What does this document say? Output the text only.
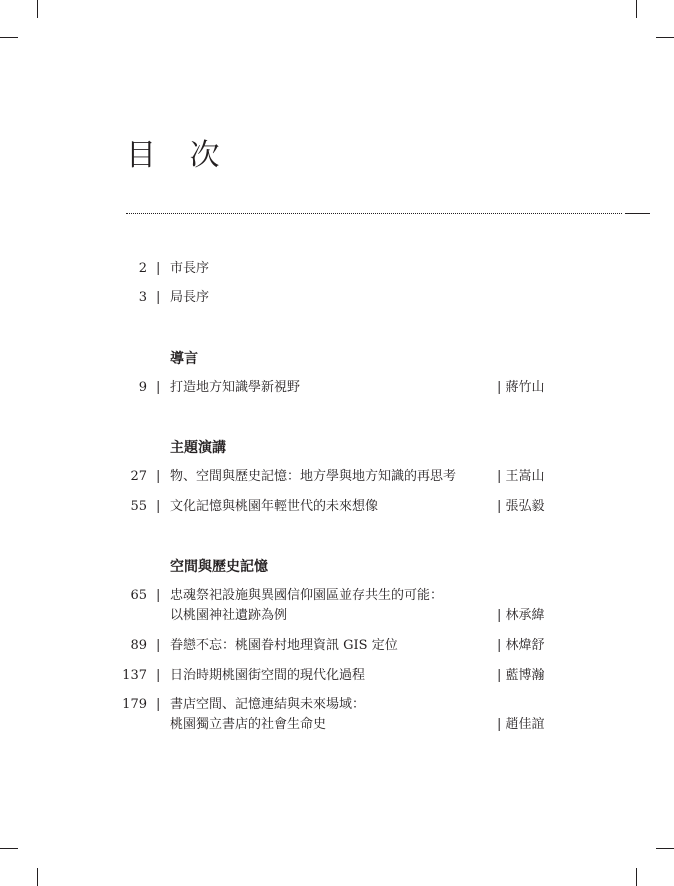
目 次
2 | 市長序
3 | 局長序
導言
9 | 打造地方知識學新視野	| 蔣竹山
主題演講
27 | 物、空間與歷史記憶：地方學與地方知識的再思考	| 王嵩山
55 | 文化記憶與桃園年輕世代的未來想像	| 張弘毅
空間與歷史記憶
65 | 忠魂祭祀設施與異國信仰園區並存共生的可能：
以桃園神社遺跡為例	| 林承緯
89 | 眷戀不忘：桃園眷村地理資訊 GIS 定位	| 林煒舒
137 | 日治時期桃園街空間的現代化過程	| 藍博瀚
179 | 書店空間、記憶連結與未來場域：
桃園獨立書店的社會生命史	| 趙佳誼
